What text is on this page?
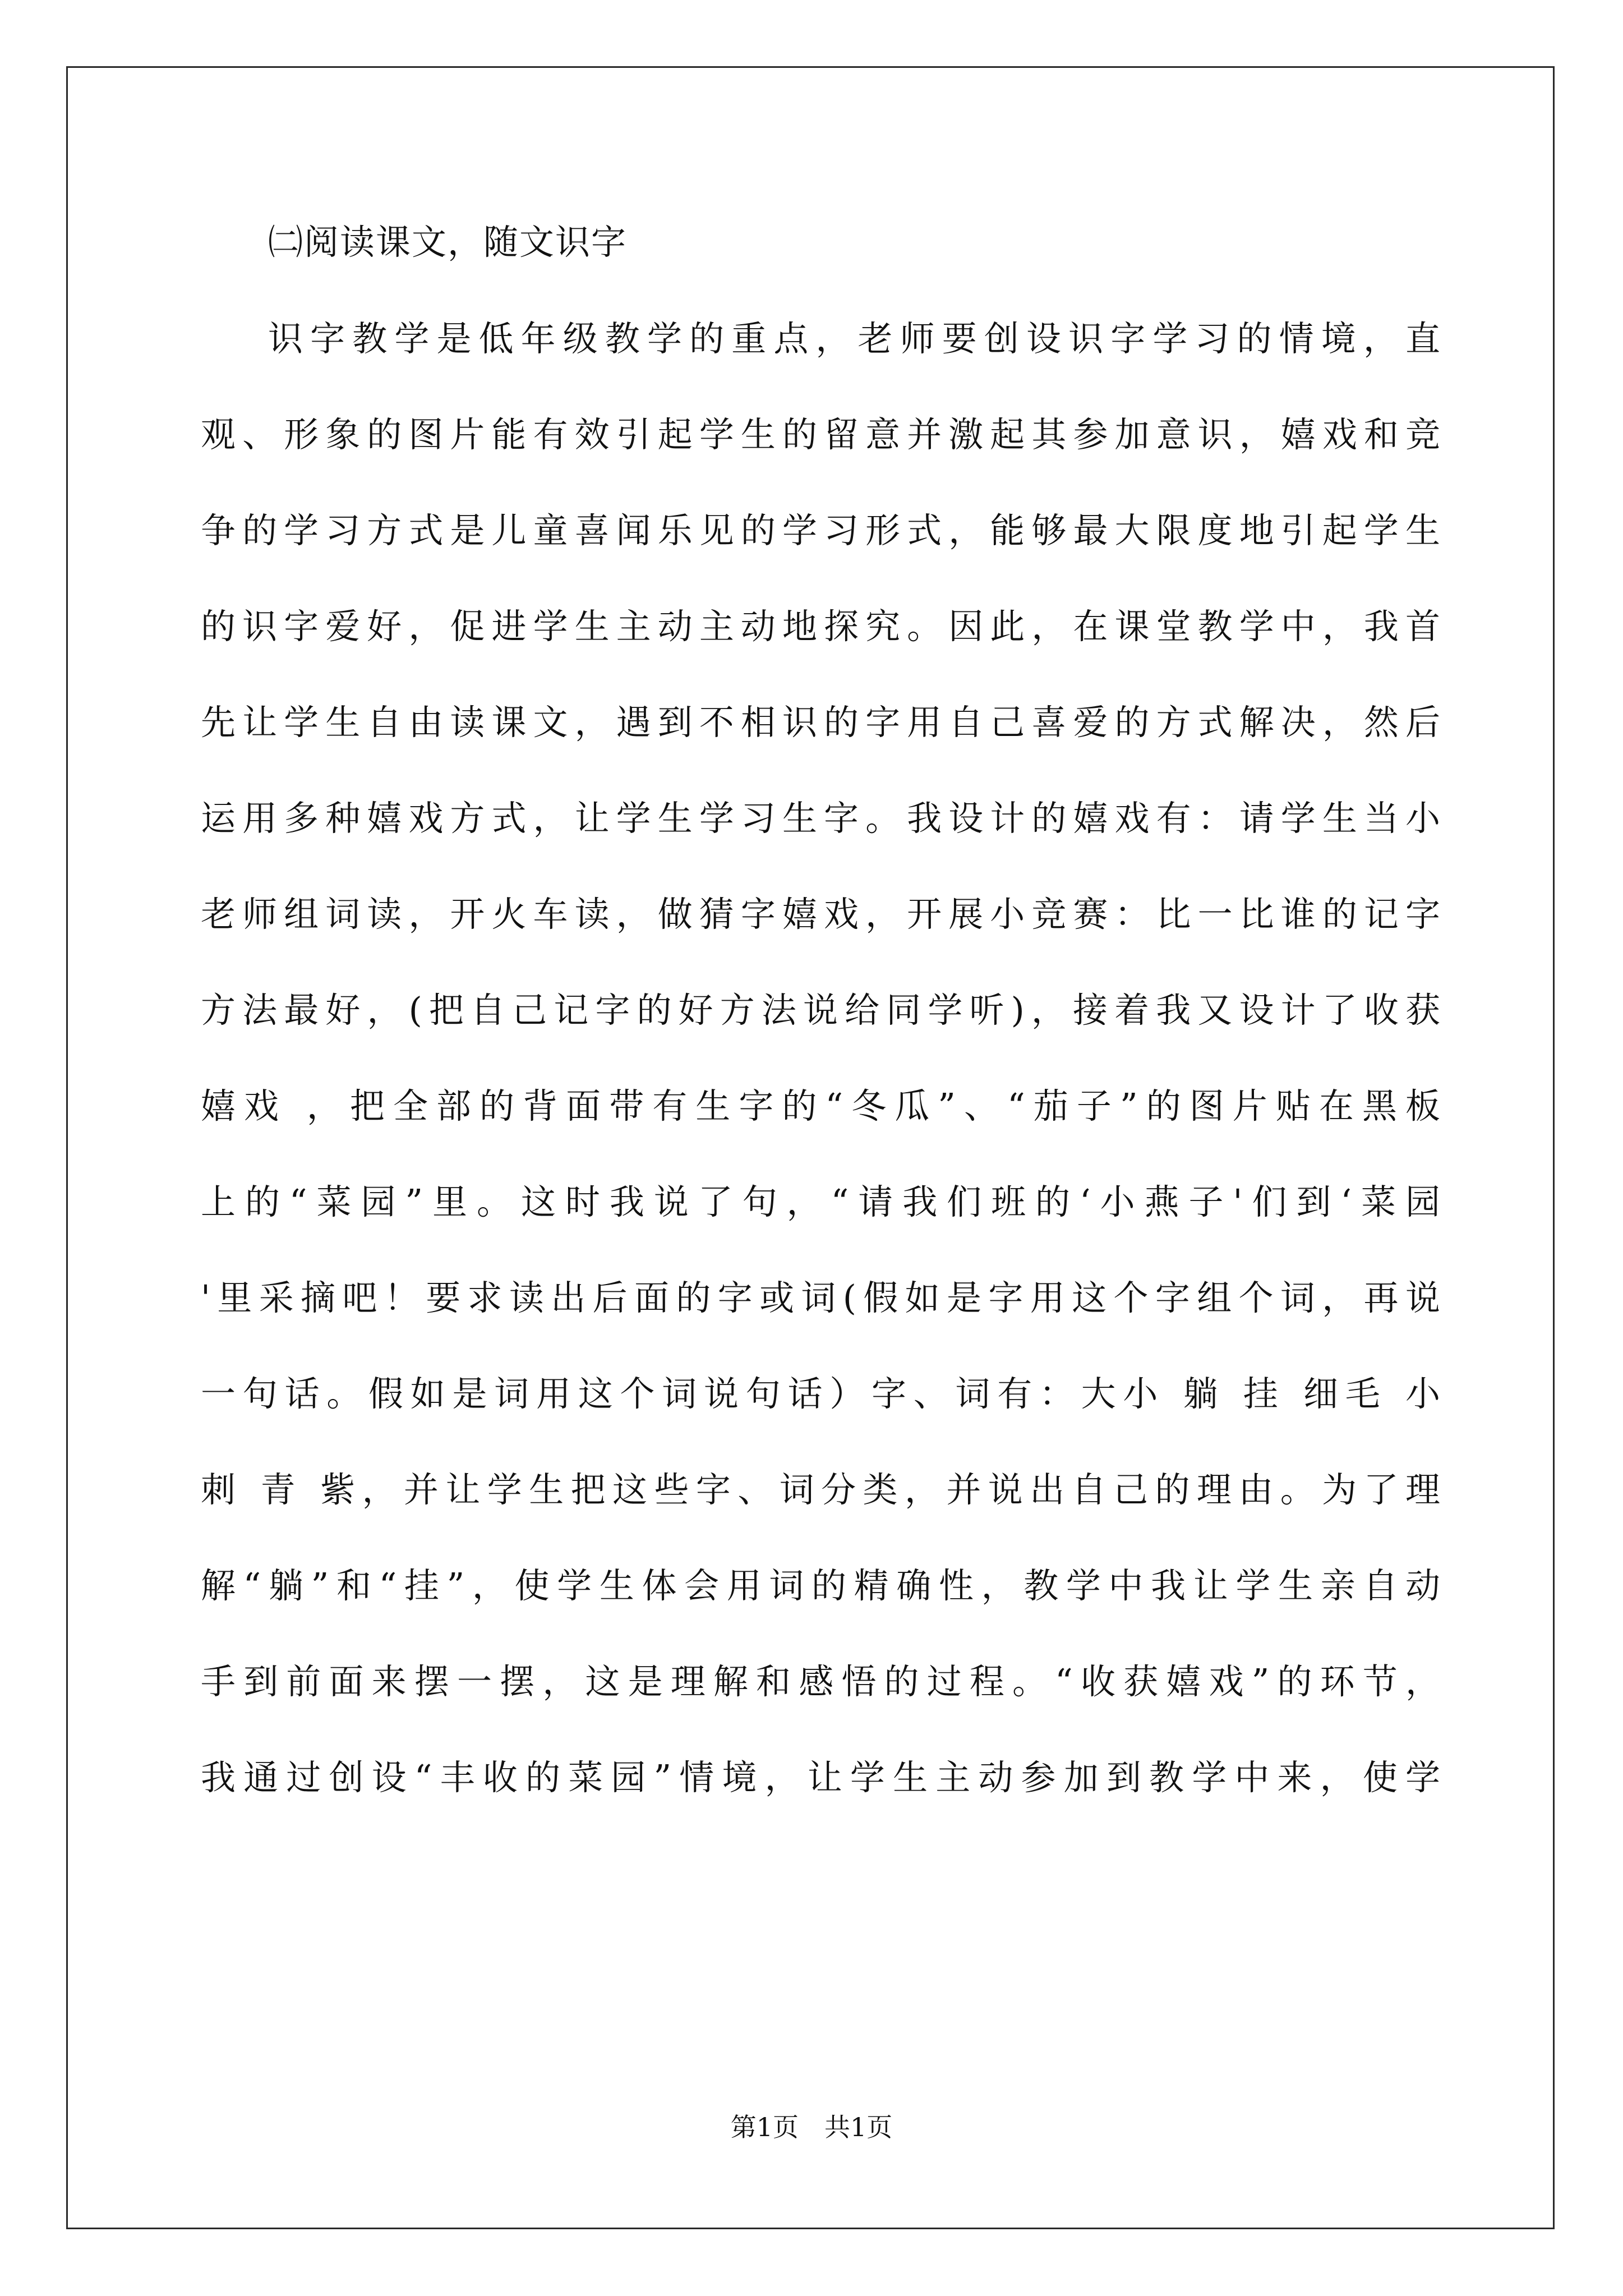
㈡阅读课文，随文识字
识字教学是低年级教学的重点，老师要创设识字学习的情境，直
观、形象的图片能有效引起学生的留意并激起其参加意识，嬉戏和竞
争的学习方式是儿童喜闻乐见的学习形式，能够最大限度地引起学生
的识字爱好，促进学生主动主动地探究。因此，在课堂教学中，我首
先让学生自由读课文，遇到不相识的字用自己喜爱的方式解决，然后
运用多种嬉戏方式，让学生学习生字。我设计的嬉戏有：请学生当小
老师组词读，开火车读，做猜字嬉戏，开展小竞赛：比一比谁的记字
方法最好，(把自己记字的好方法说给同学听)，接着我又设计了收获
嬉戏 ，把全部的背面带有生字的“冬瓜”、“茄子”的图片贴在黑板
上的“菜园”里。这时我说了句，“请我们班的‘小燕子'们到‘菜园
'里采摘吧！要求读出后面的字或词(假如是字用这个字组个词，再说
一句话。假如是词用这个词说句话）字、词有：大小 躺 挂 细毛 小
刺 青 紫，并让学生把这些字、词分类，并说出自己的理由。为了理
解“躺”和“挂”，使学生体会用词的精确性，教学中我让学生亲自动
手到前面来摆一摆，这是理解和感悟的过程。“收获嬉戏”的环节，
我通过创设“丰收的菜园”情境，让学生主动参加到教学中来，使学
第1页　共1页
